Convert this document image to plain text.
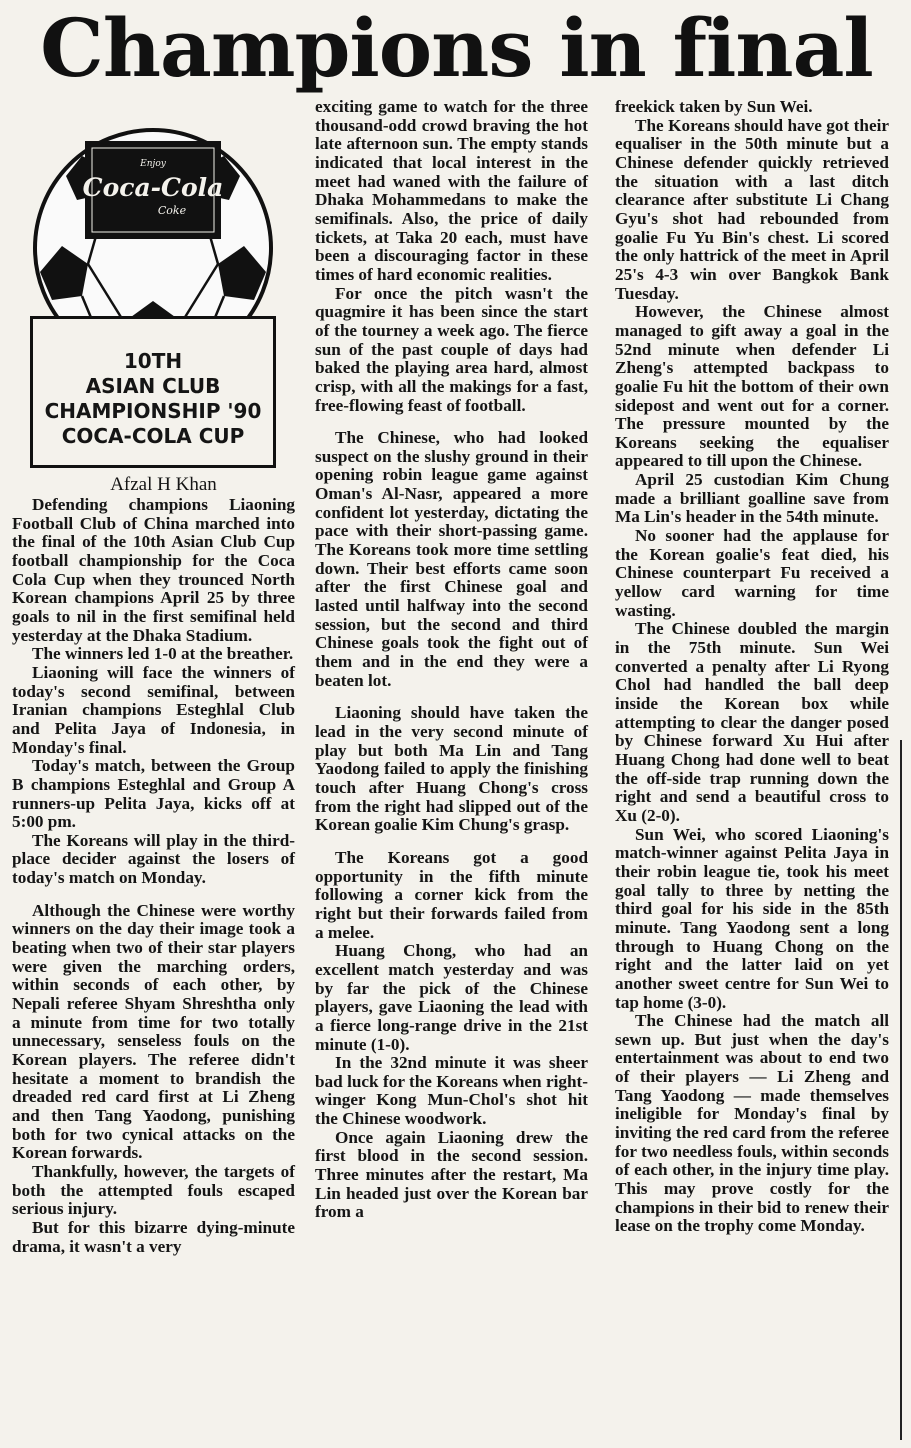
Champions in final
Enjoy
Coca-Cola
Coke
10TH
ASIAN CLUB
CHAMPIONSHIP '90
COCA-COLA CUP

Afzal H Khan

Defending champions Liaoning Football Club of China marched into the final of the 10th Asian Club Cup football championship for the Coca Cola Cup when they trounced North Korean champions April 25 by three goals to nil in the first semifinal held yesterday at the Dhaka Stadium.

The winners led 1-0 at the breather.

Liaoning will face the winners of today's second semifinal, between Iranian champions Esteghlal Club and Pelita Jaya of Indonesia, in Monday's final.

Today's match, between the Group B champions Esteghlal and Group A runners-up Pelita Jaya, kicks off at 5:00 pm.

The Koreans will play in the third-place decider against the losers of today's match on Monday.

Although the Chinese were worthy winners on the day their image took a beating when two of their star players were given the marching orders, within seconds of each other, by Nepali referee Shyam Shreshtha only a minute from time for two totally unnecessary, senseless fouls on the Korean players. The referee didn't hesitate a moment to brandish the dreaded red card first at Li Zheng and then Tang Yaodong, punishing both for two cynical attacks on the Korean forwards.

Thankfully, however, the targets of both the attempted fouls escaped serious injury.

But for this bizarre dying-minute drama, it wasn't a very

exciting game to watch for the three thousand-odd crowd braving the hot late afternoon sun. The empty stands indicated that local interest in the meet had waned with the failure of Dhaka Mohammedans to make the semifinals. Also, the price of daily tickets, at Taka 20 each, must have been a discouraging factor in these times of hard economic realities.

For once the pitch wasn't the quagmire it has been since the start of the tourney a week ago. The fierce sun of the past couple of days had baked the playing area hard, almost crisp, with all the makings for a fast, free-flowing feast of football.

The Chinese, who had looked suspect on the slushy ground in their opening robin league game against Oman's Al-Nasr, appeared a more confident lot yesterday, dictating the pace with their short-passing game. The Koreans took more time settling down. Their best efforts came soon after the first Chinese goal and lasted until halfway into the second session, but the second and third Chinese goals took the fight out of them and in the end they were a beaten lot.

Liaoning should have taken the lead in the very second minute of play but both Ma Lin and Tang Yaodong failed to apply the finishing touch after Huang Chong's cross from the right had slipped out of the Korean goalie Kim Chung's grasp.

The Koreans got a good opportunity in the fifth minute following a corner kick from the right but their forwards failed from a melee.

Huang Chong, who had an excellent match yesterday and was by far the pick of the Chinese players, gave Liaoning the lead with a fierce long-range drive in the 21st minute (1-0).

In the 32nd minute it was sheer bad luck for the Koreans when right-winger Kong Mun-Chol's shot hit the Chinese woodwork.

Once again Liaoning drew the first blood in the second session. Three minutes after the restart, Ma Lin headed just over the Korean bar from a

freekick taken by Sun Wei.

The Koreans should have got their equaliser in the 50th minute but a Chinese defender quickly retrieved the situation with a last ditch clearance after substitute Li Chang Gyu's shot had rebounded from goalie Fu Yu Bin's chest. Li scored the only hattrick of the meet in April 25's 4-3 win over Bangkok Bank Tuesday.

However, the Chinese almost managed to gift away a goal in the 52nd minute when defender Li Zheng's attempted backpass to goalie Fu hit the bottom of their own sidepost and went out for a corner. The pressure mounted by the Koreans seeking the equaliser appeared to till upon the Chinese.

April 25 custodian Kim Chung made a brilliant goalline save from Ma Lin's header in the 54th minute.

No sooner had the applause for the Korean goalie's feat died, his Chinese counterpart Fu received a yellow card warning for time wasting.

The Chinese doubled the margin in the 75th minute. Sun Wei converted a penalty after Li Ryong Chol had handled the ball deep inside the Korean box while attempting to clear the danger posed by Chinese forward Xu Hui after Huang Chong had done well to beat the off-side trap running down the right and send a beautiful cross to Xu (2-0).

Sun Wei, who scored Liaoning's match-winner against Pelita Jaya in their robin league tie, took his meet goal tally to three by netting the third goal for his side in the 85th minute. Tang Yaodong sent a long through to Huang Chong on the right and the latter laid on yet another sweet centre for Sun Wei to tap home (3-0).

The Chinese had the match all sewn up. But just when the day's entertainment was about to end two of their players — Li Zheng and Tang Yaodong — made themselves ineligible for Monday's final by inviting the red card from the referee for two needless fouls, within seconds of each other, in the injury time play. This may prove costly for the champions in their bid to renew their lease on the trophy come Monday.
